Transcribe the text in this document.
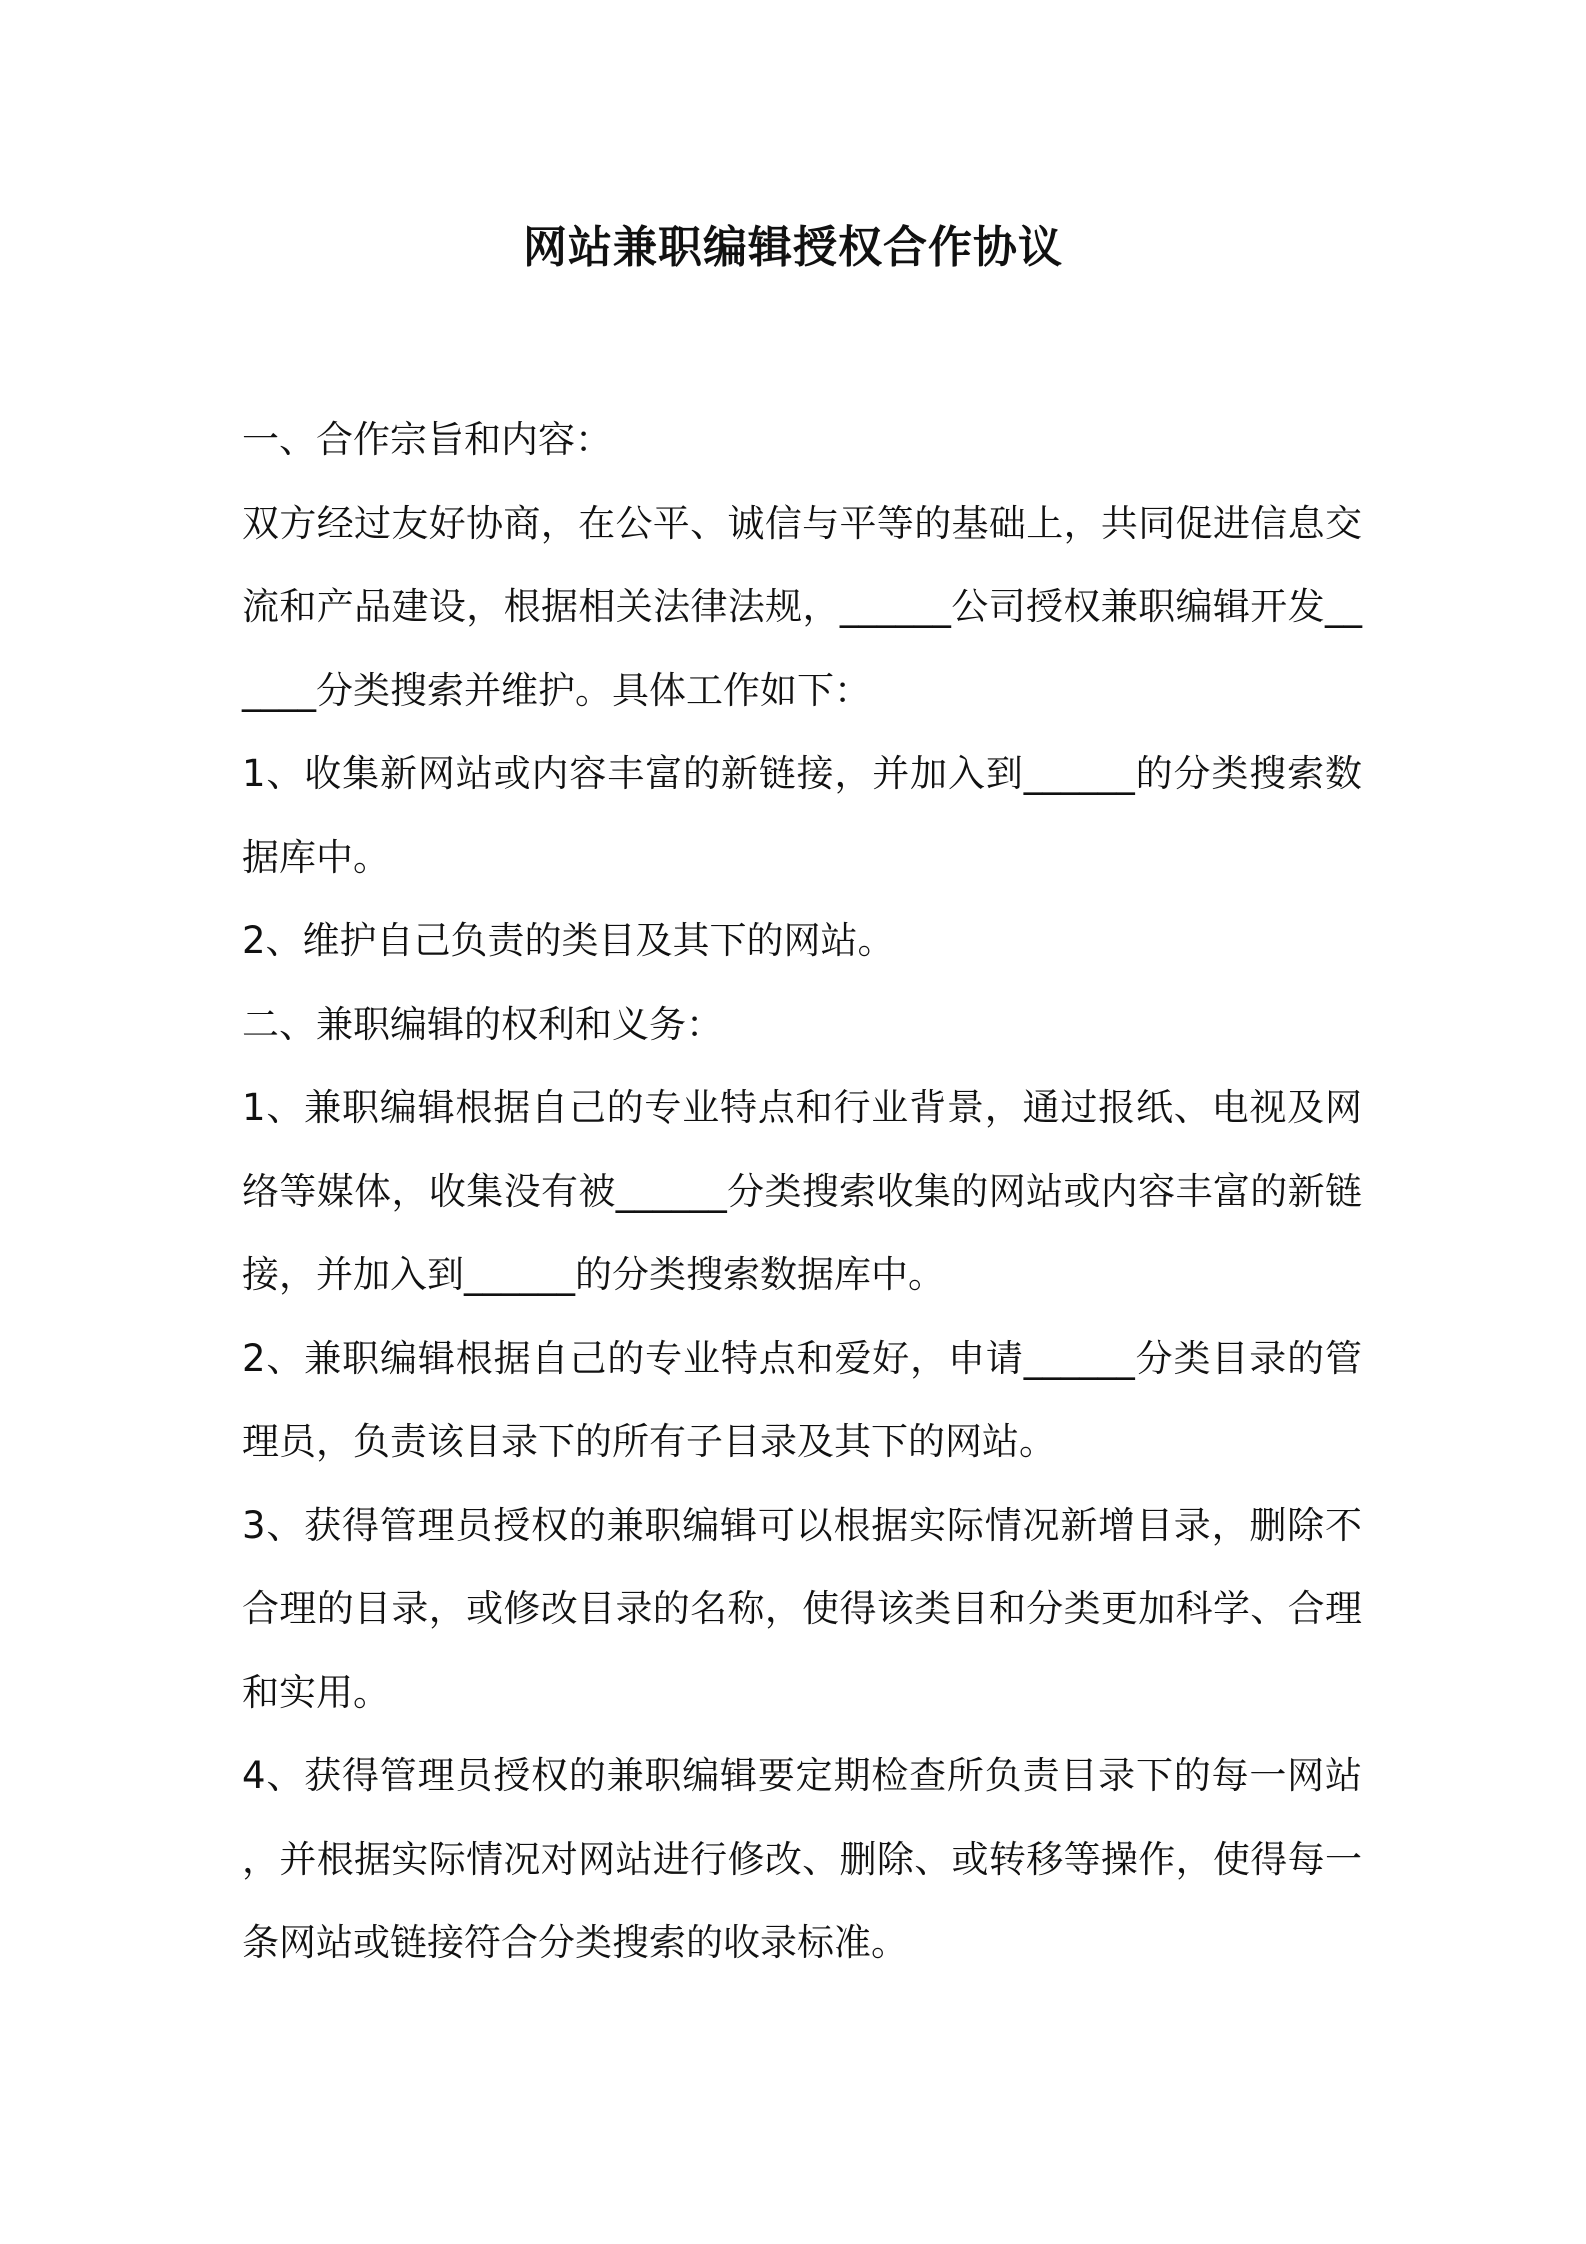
网站兼职编辑授权合作协议

一、合作宗旨和内容：

双方经过友好协商，在公平、诚信与平等的基础上，共同促进信息交流和产品建设，根据相关法律法规，______公司授权兼职编辑开发______分类搜索并维护。具体工作如下：

1、收集新网站或内容丰富的新链接，并加入到______的分类搜索数据库中。

2、维护自己负责的类目及其下的网站。

二、兼职编辑的权利和义务：

1、兼职编辑根据自己的专业特点和行业背景，通过报纸、电视及网络等媒体，收集没有被______分类搜索收集的网站或内容丰富的新链接，并加入到______的分类搜索数据库中。

2、兼职编辑根据自己的专业特点和爱好，申请______分类目录的管理员，负责该目录下的所有子目录及其下的网站。

3、获得管理员授权的兼职编辑可以根据实际情况新增目录，删除不合理的目录，或修改目录的名称，使得该类目和分类更加科学、合理和实用。

4、获得管理员授权的兼职编辑要定期检查所负责目录下的每一网站，并根据实际情况对网站进行修改、删除、或转移等操作，使得每一条网站或链接符合分类搜索的收录标准。
